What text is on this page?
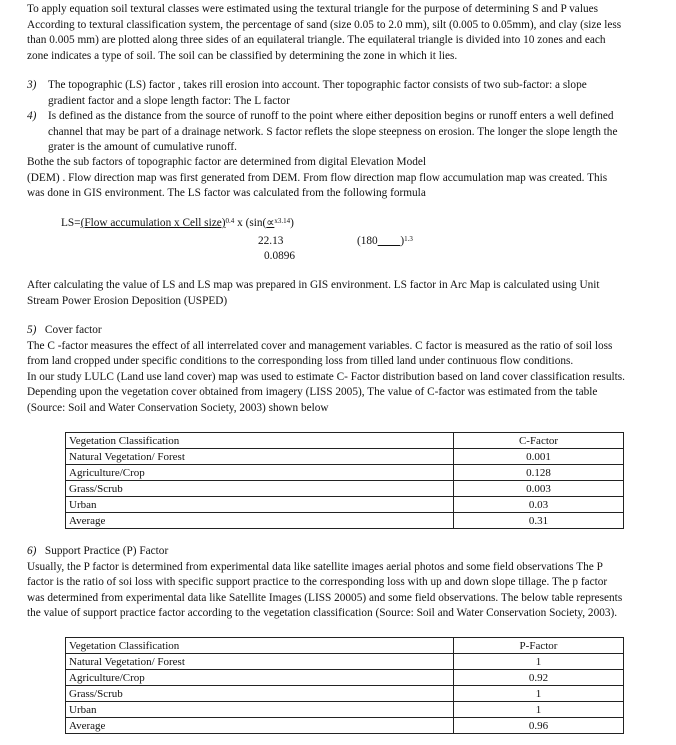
To apply equation soil textural classes were estimated using the textural triangle for the purpose of determining S and P values
According to textural classification system, the percentage of sand (size 0.05 to 2.0 mm), silt (0.005 to 0.05mm), and clay (size less
than 0.005 mm) are plotted along three sides of an equilateral triangle. The equilateral triangle is divided into 10 zones and each
zone indicates a type of soil. The soil can be classified by determining the zone in which it lies.
3) The topographic (LS) factor , takes rill erosion into account. Ther topographic factor consists of two sub-factor: a slope
gradient factor and a slope length factor: The L factor
4) Is defined as the distance from the source of runoff to the point where either deposition begins or runoff enters a well defined
channel that may be part of a drainage network. S factor reflets the slope steepness on erosion. The longer the slope length the
grater is the amount of cumulative runoff.
Bothe the sub factors of topographic factor are determined from digital Elevation Model
(DEM) . Flow direction map was first generated from DEM. From flow direction map flow accumulation map was created. This
was done in GIS environment. The LS factor was calculated from the following formula
LS=(Flow accumulation x Cell size)$^{0.4}$ x (sin(∝$^{x3.14}$)
22.13
0.0896
(180____)$^{1.3}$
After calculating the value of LS and LS map was prepared in GIS environment. LS factor in Arc Map is calculated using Unit
Stream Power Erosion Deposition (USPED)
5) Cover factor
The C -factor measures the effect of all interrelated cover and management variables. C factor is measured as the ratio of soil loss
from land cropped under specific conditions to the corresponding loss from tilled land under continuous flow conditions.
In our study LULC (Land use land cover) map was used to estimate C- Factor distribution based on land cover classification results.
Depending upon the vegetation cover obtained from imagery (LISS 2005), The value of C-factor was estimated from the table
(Source: Soil and Water Conservation Society, 2003) shown below
Vegetation Classification	C-Factor
Natural Vegetation/ Forest	0.001
Agriculture/Crop	0.128
Grass/Scrub	0.003
Urban	0.03
Average	0.31
6) Support Practice (P) Factor
Usually, the P factor is determined from experimental data like satellite images aerial photos and some field observations The P
factor is the ratio of soi loss with specific support practice to the corresponding loss with up and down slope tillage. The p factor
was determined from experimental data like Satellite Images (LISS 20005) and some field observations. The below table represents
the value of support practice factor according to the vegetation classification (Source: Soil and Water Conservation Society, 2003).
Vegetation Classification	P-Factor
Natural Vegetation/ Forest	1
Agriculture/Crop	0.92
Grass/Scrub	1
Urban	1
Average	0.96
